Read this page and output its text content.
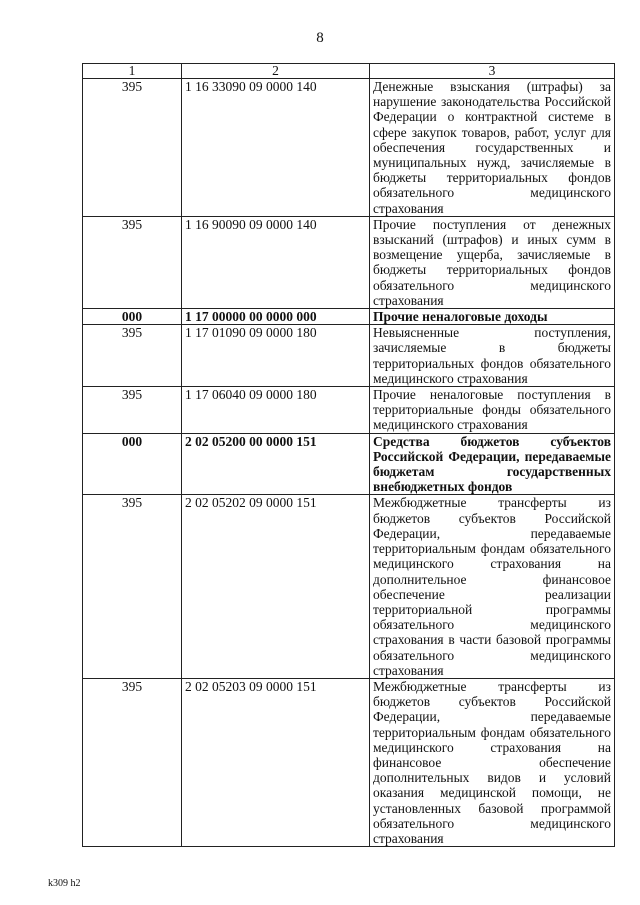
8
1	2	3
395	1 16 33090 09 0000 140	Денежные взыскания (штрафы) за нарушение законодательства Российской Федерации о контрактной системе в сфере закупок товаров, работ, услуг для обеспечения государственных и муниципальных нужд, зачисляемые в бюджеты территориальных фондов обязательного медицинского страхования
395	1 16 90090 09 0000 140	Прочие поступления от денежных взысканий (штрафов) и иных сумм в возмещение ущерба, зачисляемые в бюджеты территориальных фондов обязательного медицинского страхования
000	1 17 00000 00 0000 000	Прочие неналоговые доходы
395	1 17 01090 09 0000 180	Невыясненные поступления, зачисляемые в бюджеты территориальных фондов обязательного медицинского страхования
395	1 17 06040 09 0000 180	Прочие неналоговые поступления в территориальные фонды обязательного медицинского страхования
000	2 02 05200 00 0000 151	Средства бюджетов субъектов Российской Федерации, передаваемые бюджетам государственных внебюджетных фондов
395	2 02 05202 09 0000 151	Межбюджетные трансферты из бюджетов субъектов Российской Федерации, передаваемые территориальным фондам обязательного медицинского страхования на дополнительное финансовое обеспечение реализации территориальной программы обязательного медицинского страхования в части базовой программы обязательного медицинского страхования
395	2 02 05203 09 0000 151	Межбюджетные трансферты из бюджетов субъектов Российской Федерации, передаваемые территориальным фондам обязательного медицинского страхования на финансовое обеспечение дополнительных видов и условий оказания медицинской помощи, не установленных базовой программой обязательного медицинского страхования
k309 h2
